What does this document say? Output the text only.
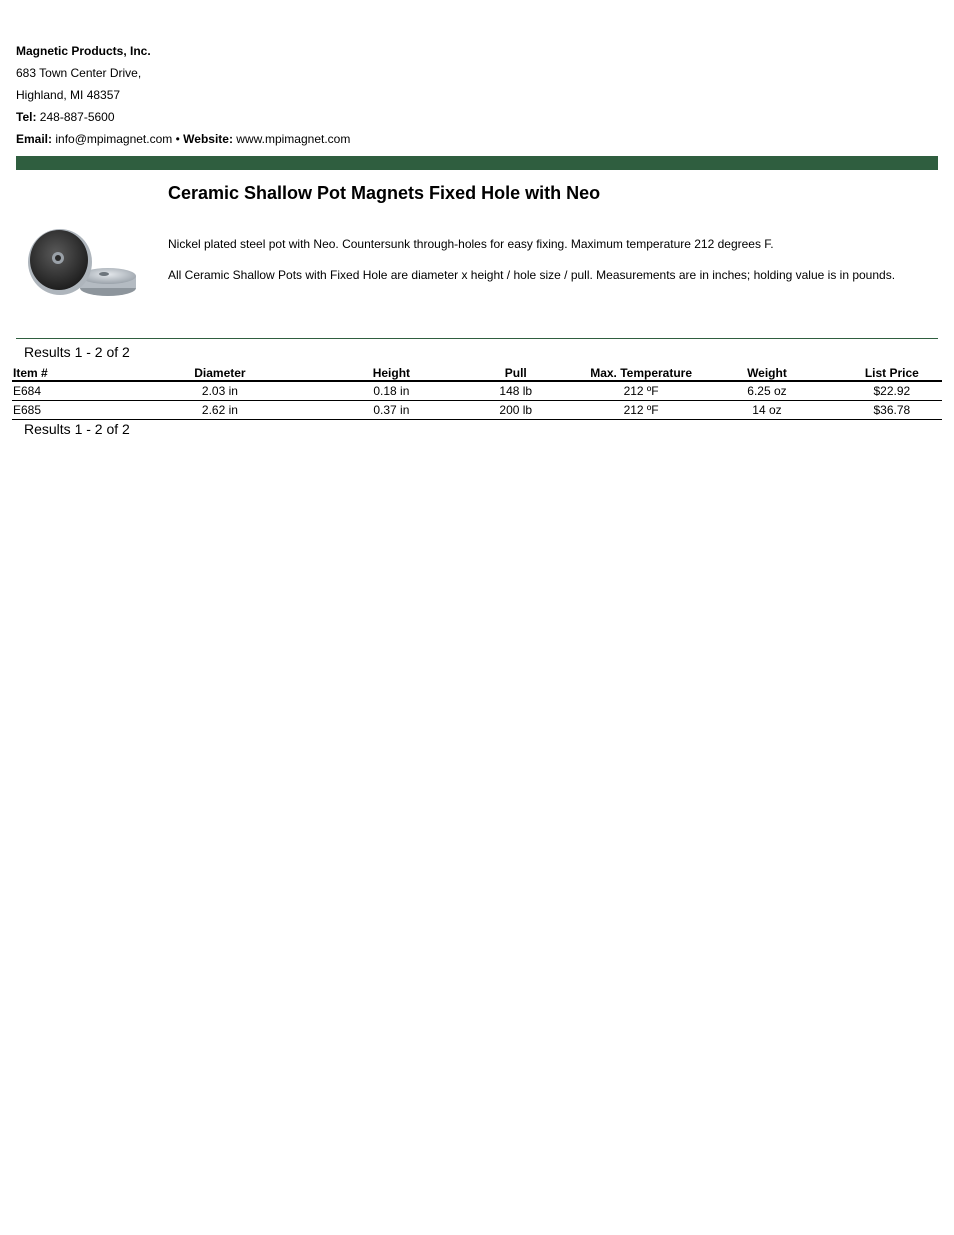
Magnetic Products, Inc.
683 Town Center Drive,
Highland, MI 48357
Tel: 248-887-5600
Email: info@mpimagnet.com • Website: www.mpimagnet.com
Ceramic Shallow Pot Magnets Fixed Hole with Neo
Nickel plated steel pot with Neo. Countersunk through-holes for easy fixing. Maximum temperature 212 degrees F.
All Ceramic Shallow Pots with Fixed Hole are diameter x height / hole size / pull. Measurements are in inches; holding value is in pounds.
Results 1 - 2 of 2
Item #	Diameter	Height	Pull	Max. Temperature	Weight	List Price
E684	2.03 in	0.18 in	148 lb	212 ºF	6.25 oz	$22.92
E685	2.62 in	0.37 in	200 lb	212 ºF	14 oz	$36.78
Results 1 - 2 of 2
